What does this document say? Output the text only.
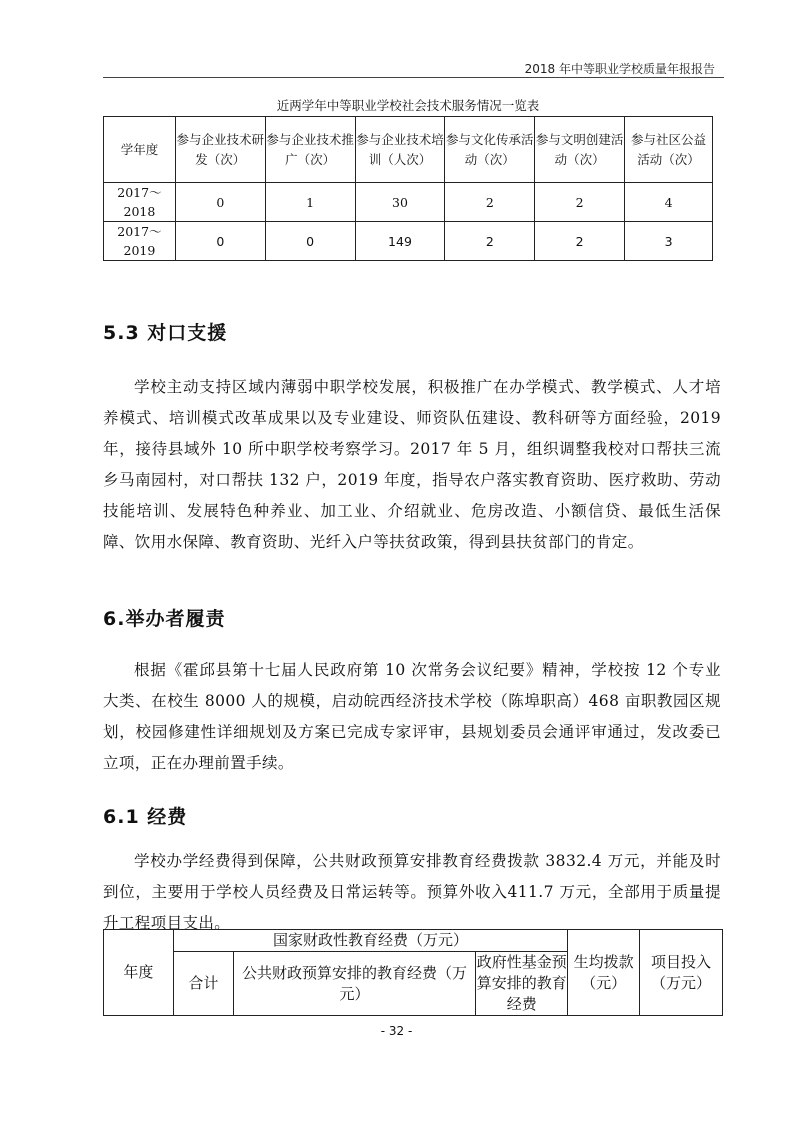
2018 年中等职业学校质量年报报告
近两学年中等职业学校社会技术服务情况一览表
学年度	参与企业技术研发（次）	参与企业技术推广（次）	参与企业技术培训（人次）	参与文化传承活动（次）	参与文明创建活动（次）	参与社区公益活动（次）
2017～2018	0	1	30	2	2	4
2017～2019	0	0	149	2	2	3
5.3 对口支援

学校主动支持区域内薄弱中职学校发展，积极推广在办学模式、教学模式、人才培养模式、培训模式改革成果以及专业建设、师资队伍建设、教科研等方面经验，2019 年，接待县域外 10 所中职学校考察学习。2017 年 5 月，组织调整我校对口帮扶三流乡马南园村，对口帮扶 132 户，2019 年度，指导农户落实教育资助、医疗救助、劳动技能培训、发展特色种养业、加工业、介绍就业、危房改造、小额信贷、最低生活保障、饮用水保障、教育资助、光纤入户等扶贫政策，得到县扶贫部门的肯定。

6.举办者履责

根据《霍邱县第十七届人民政府第 10 次常务会议纪要》精神，学校按 12 个专业大类、在校生 8000 人的规模，启动皖西经济技术学校（陈埠职高）468 亩职教园区规划，校园修建性详细规划及方案已完成专家评审，县规划委员会通评审通过，发改委已立项，正在办理前置手续。

6.1 经费

学校办学经费得到保障，公共财政预算安排教育经费拨款 3832.4 万元，并能及时到位，主要用于学校人员经费及日常运转等。预算外收入411.7 万元，全部用于质量提升工程项目支出。

年度	国家财政性教育经费（万元）			生均拨款（元）	项目投入（万元）
	合计	公共财政预算安排的教育经费（万元）	政府性基金预算安排的教育经费		
- 32 -
